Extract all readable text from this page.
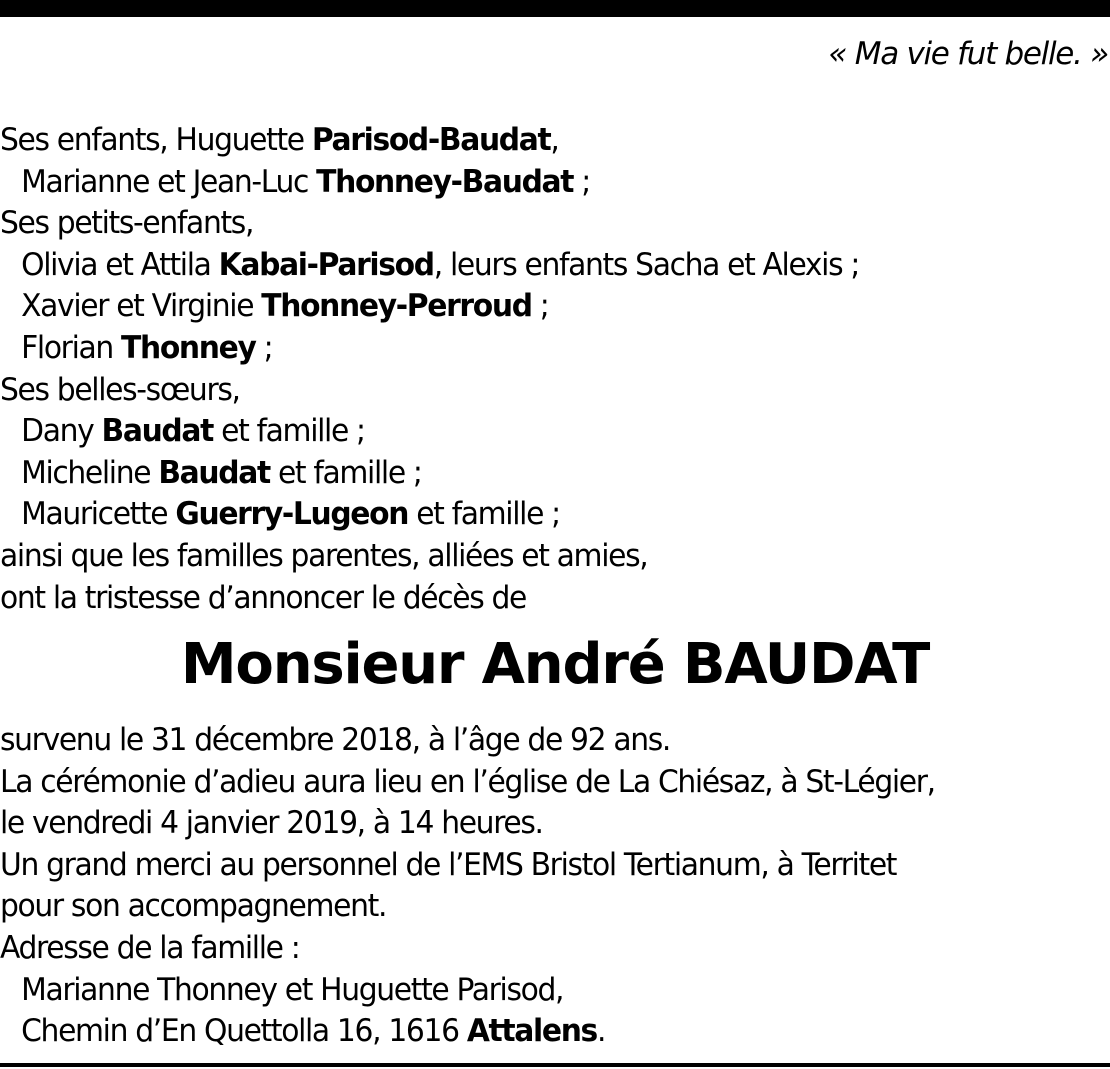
« Ma vie fut belle. »
Ses enfants, Huguette Parisod-Baudat,
Marianne et Jean-Luc Thonney-Baudat ;
Ses petits-enfants,
Olivia et Attila Kabai-Parisod, leurs enfants Sacha et Alexis ;
Xavier et Virginie Thonney-Perroud ;
Florian Thonney ;
Ses belles-sœurs,
Dany Baudat et famille ;
Micheline Baudat et famille ;
Mauricette Guerry-Lugeon et famille ;
ainsi que les familles parentes, alliées et amies,
ont la tristesse d’annoncer le décès de
Monsieur André BAUDAT
survenu le 31 décembre 2018, à l’âge de 92 ans.
La cérémonie d’adieu aura lieu en l’église de La Chiésaz, à St-Légier,
le vendredi 4 janvier 2019, à 14 heures.
Un grand merci au personnel de l’EMS Bristol Tertianum, à Territet
pour son accompagnement.
Adresse de la famille :
Marianne Thonney et Huguette Parisod,
Chemin d’En Quettolla 16, 1616 Attalens.
